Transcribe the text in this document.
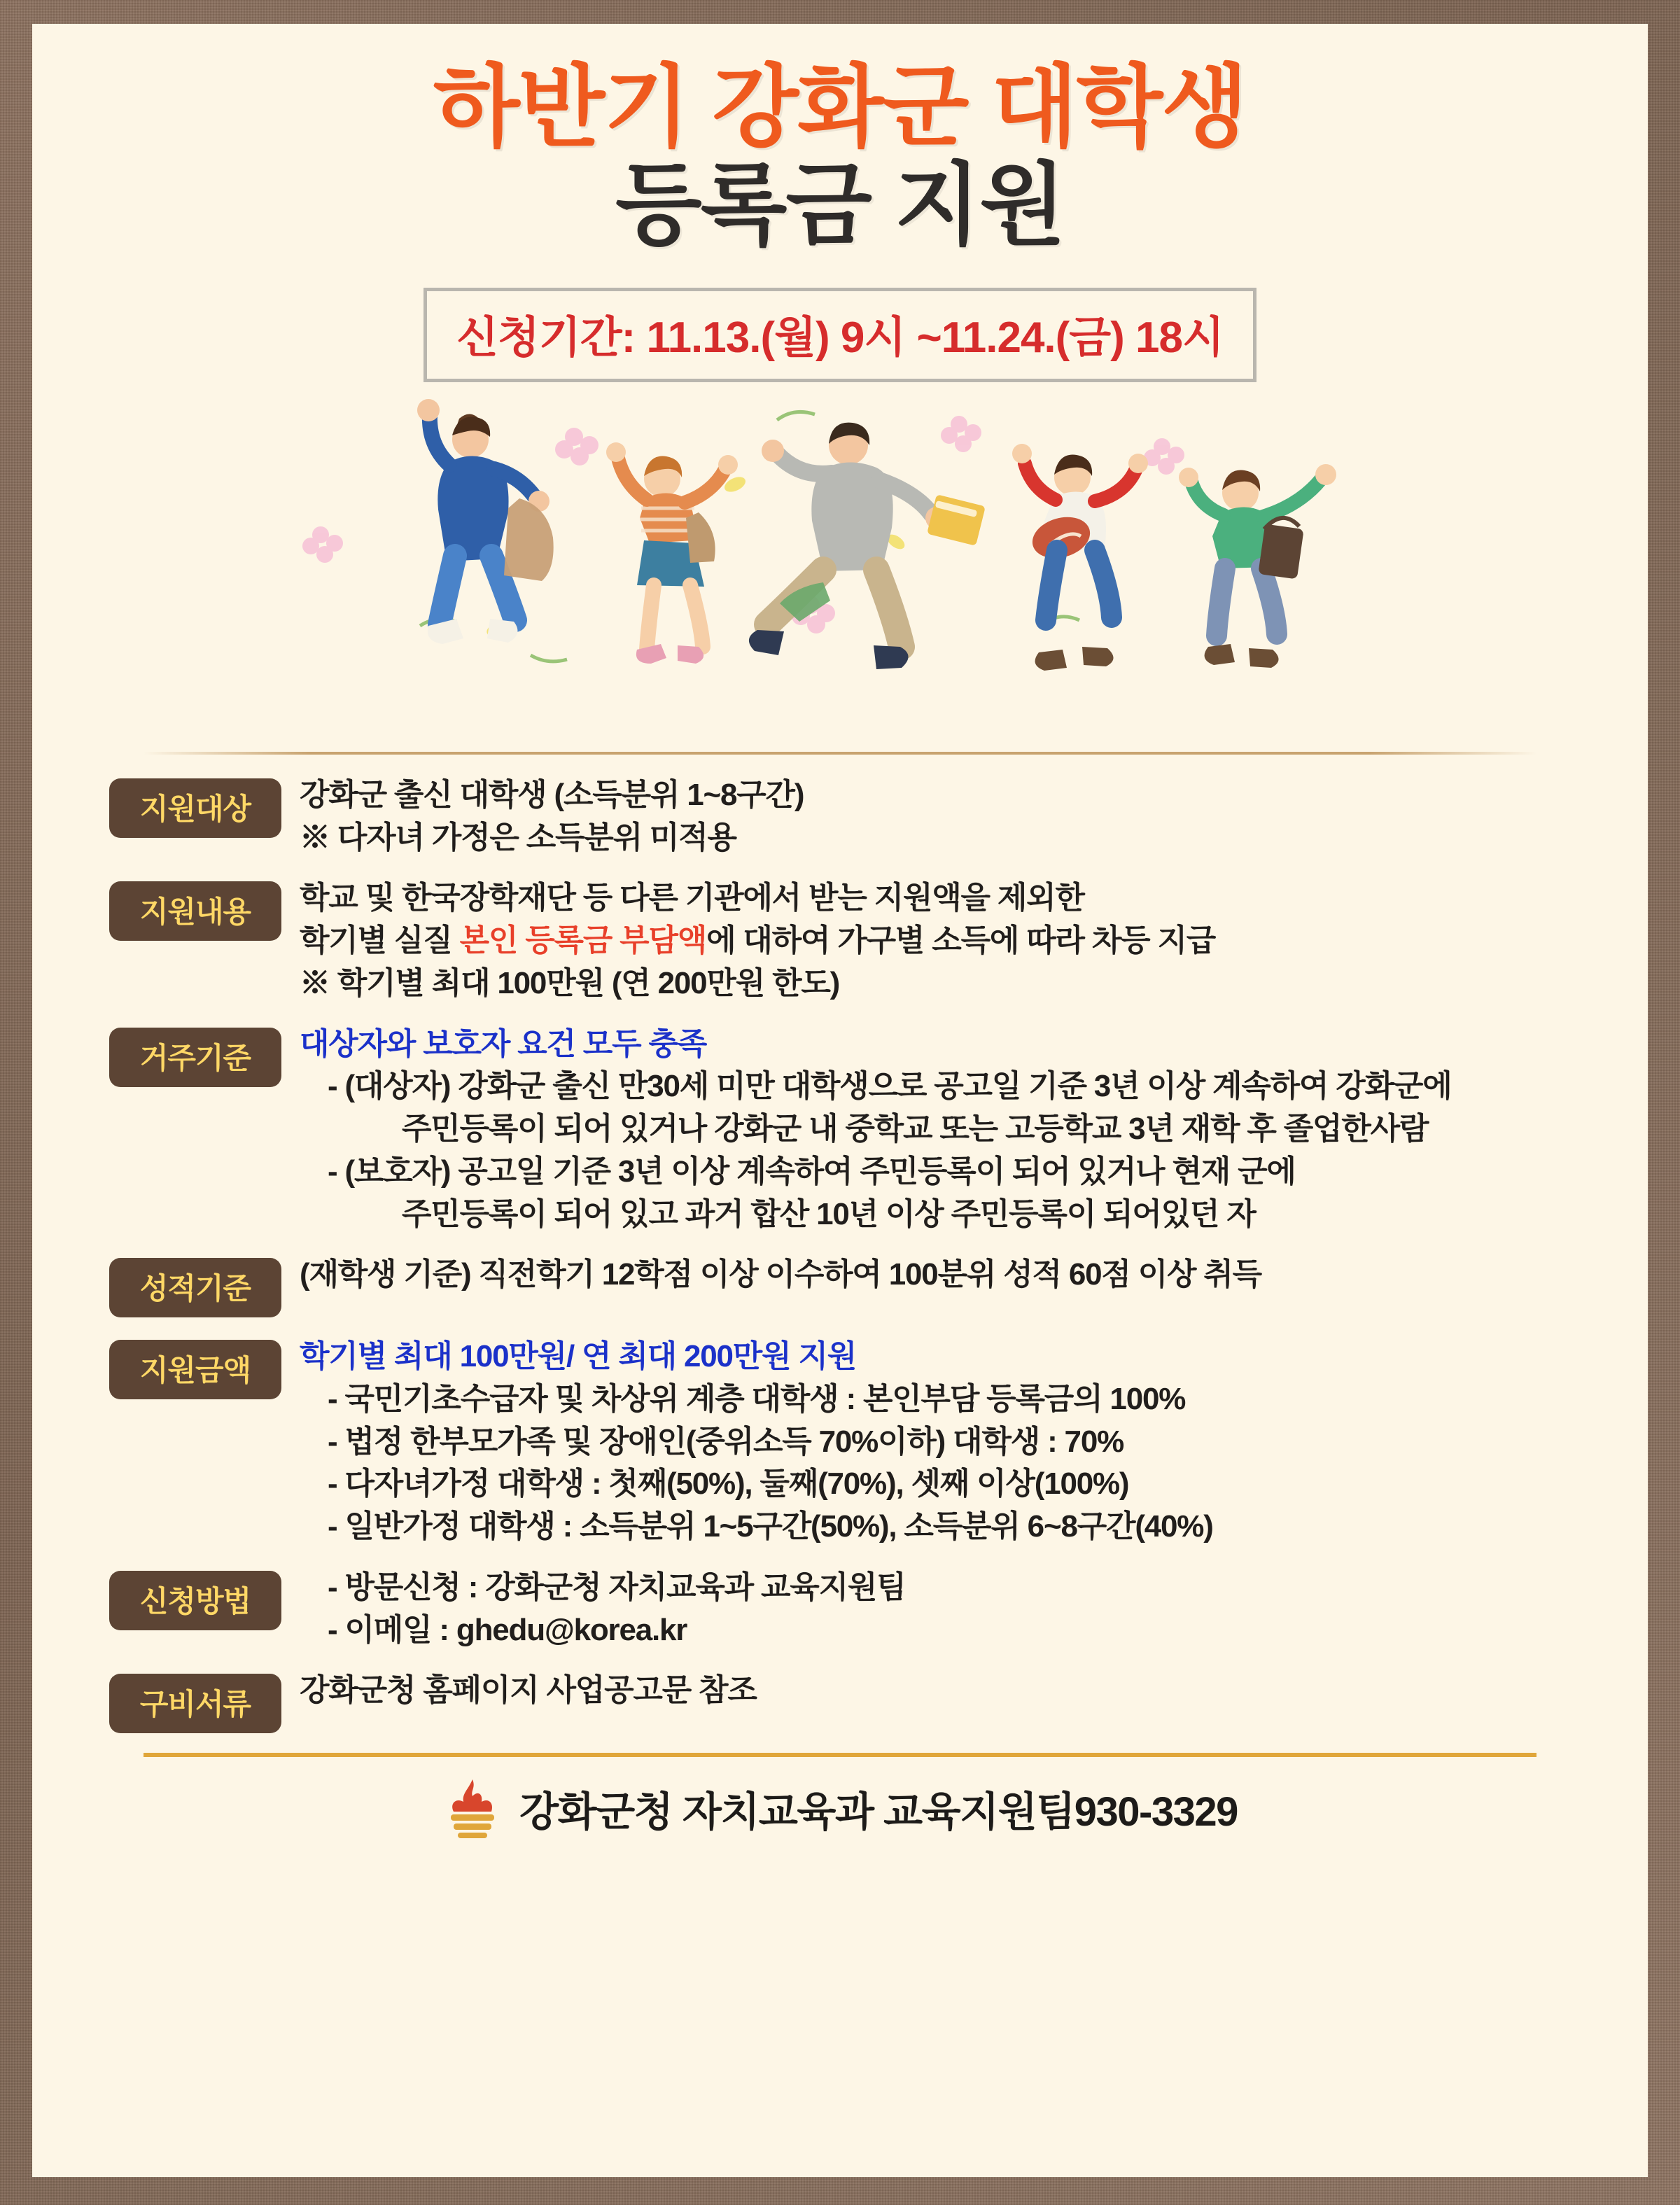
하반기 강화군 대학생
등록금 지원
신청기간: 11.13.(월) 9시 ~11.24.(금) 18시
지원대상	강화군 출신 대학생 (소득분위 1~8구간)
※ 다자녀 가정은 소득분위 미적용
지원내용	학교 및 한국장학재단 등 다른 기관에서 받는 지원액을 제외한
학기별 실질 본인 등록금 부담액에 대하여 가구별 소득에 따라 차등 지급
※ 학기별 최대 100만원 (연 200만원 한도)
거주기준	대상자와 보호자 요건 모두 충족
- (대상자) 강화군 출신 만30세 미만 대학생으로 공고일 기준 3년 이상 계속하여 강화군에
주민등록이 되어 있거나 강화군 내 중학교 또는 고등학교 3년 재학 후 졸업한사람
- (보호자) 공고일 기준 3년 이상 계속하여 주민등록이 되어 있거나 현재 군에
주민등록이 되어 있고 과거 합산 10년 이상 주민등록이 되어있던 자
성적기준	(재학생 기준) 직전학기 12학점 이상 이수하여 100분위 성적 60점 이상 취득
지원금액	학기별 최대 100만원/ 연 최대 200만원 지원
- 국민기초수급자 및 차상위 계층 대학생 : 본인부담 등록금의 100%
- 법정 한부모가족 및 장애인(중위소득 70%이하) 대학생 : 70%
- 다자녀가정 대학생 : 첫째(50%), 둘째(70%), 셋째 이상(100%)
- 일반가정 대학생 : 소득분위 1~5구간(50%), 소득분위 6~8구간(40%)
신청방법	- 방문신청 : 강화군청 자치교육과 교육지원팀
- 이메일 : ghedu@korea.kr
구비서류	강화군청 홈페이지 사업공고문 참조
강화군청 자치교육과 교육지원팀930-3329
